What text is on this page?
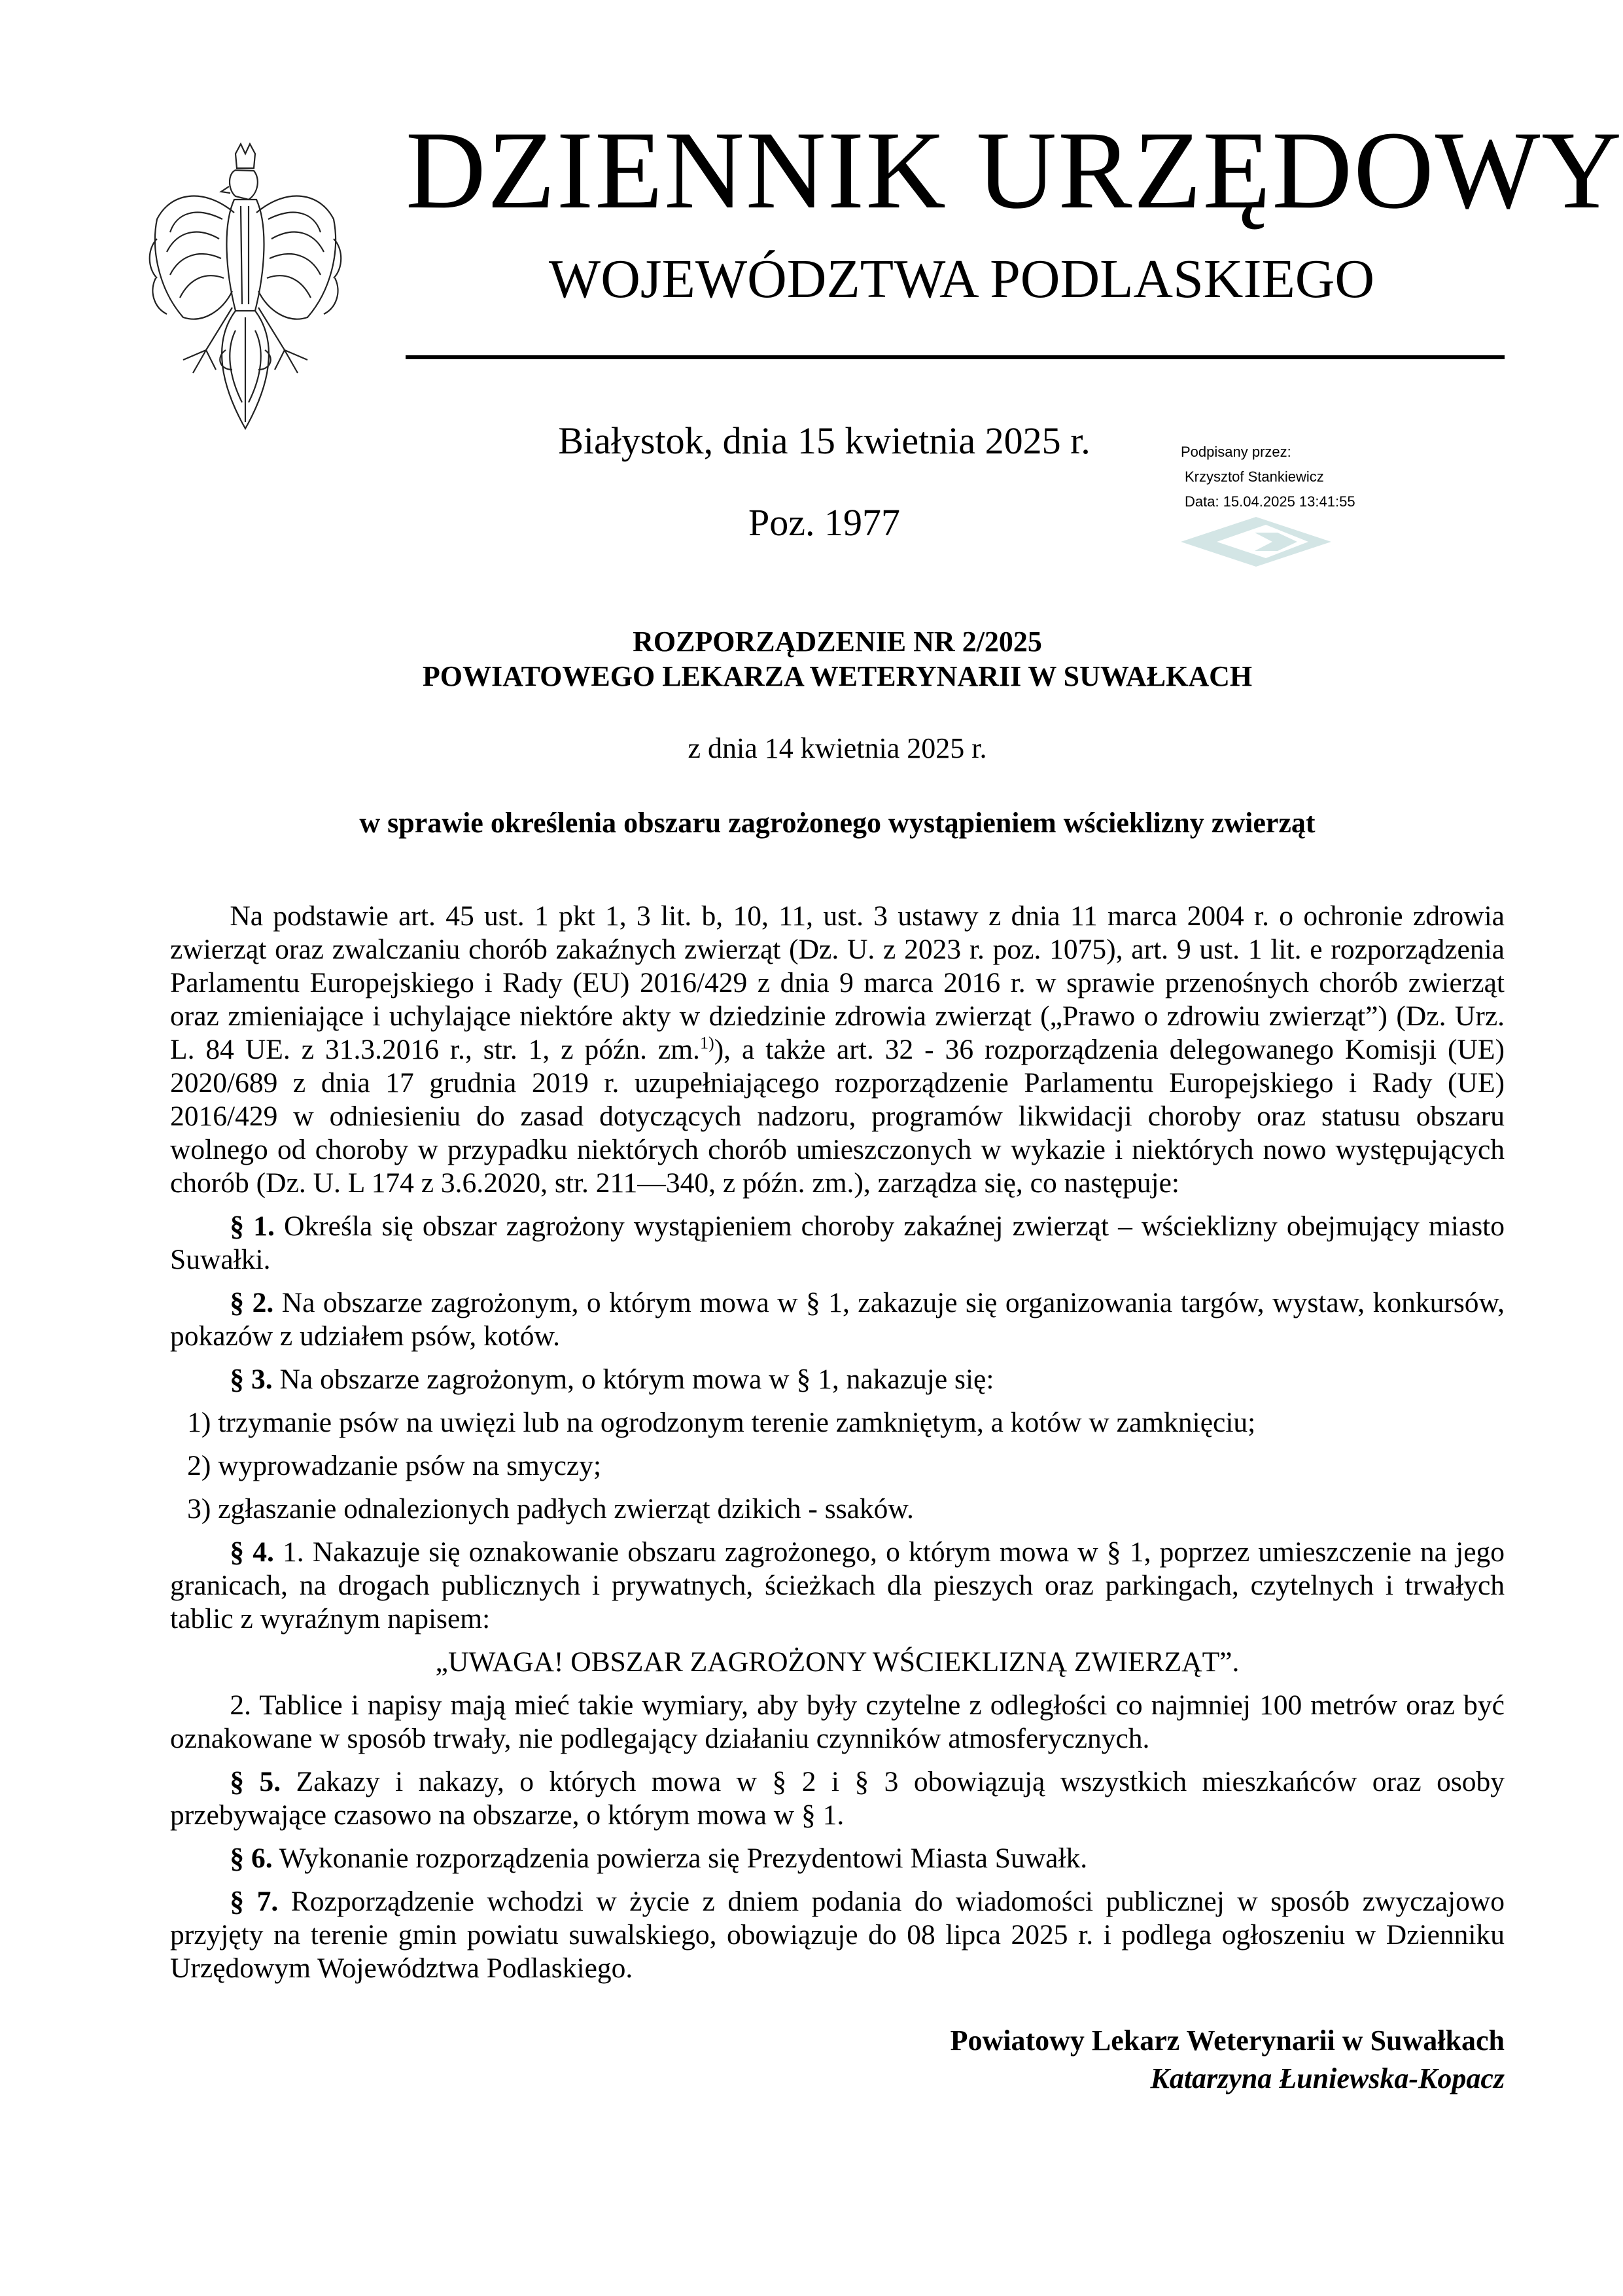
DZIENNIK URZĘDOWY
WOJEWÓDZTWA PODLASKIEGO
Białystok, dnia 15 kwietnia 2025 r.
Poz. 1977
Podpisany przez:
Krzysztof Stankiewicz
Data: 15.04.2025 13:41:55
ROZPORZĄDZENIE NR 2/2025
POWIATOWEGO LEKARZA WETERYNARII W SUWAŁKACH
z dnia 14 kwietnia 2025 r.
w sprawie określenia obszaru zagrożonego wystąpieniem wścieklizny zwierząt

Na podstawie art. 45 ust. 1 pkt 1, 3 lit. b, 10, 11, ust. 3 ustawy z dnia 11 marca 2004 r. o ochronie zdrowia zwierząt oraz zwalczaniu chorób zakaźnych zwierząt (Dz. U. z 2023 r. poz. 1075), art. 9 ust. 1 lit. e rozporządzenia Parlamentu Europejskiego i Rady (EU) 2016/429 z dnia 9 marca 2016 r. w sprawie przenośnych chorób zwierząt oraz zmieniające i uchylające niektóre akty w dziedzinie zdrowia zwierząt („Prawo o zdrowiu zwierząt”) (Dz. Urz. L. 84 UE. z 31.3.2016 r., str. 1, z późn. zm.$^{1)}$), a także art. 32 - 36 rozporządzenia delegowanego Komisji (UE) 2020/689 z dnia 17 grudnia 2019 r. uzupełniającego rozporządzenie Parlamentu Europejskiego i Rady (UE) 2016/429 w odniesieniu do zasad dotyczących nadzoru, programów likwidacji choroby oraz statusu obszaru wolnego od choroby w przypadku niektórych chorób umieszczonych w wykazie i niektórych nowo występujących chorób (Dz. U. L 174 z 3.6.2020, str. 211—340, z późn. zm.), zarządza się, co następuje:

§ 1. Określa się obszar zagrożony wystąpieniem choroby zakaźnej zwierząt – wścieklizny obejmujący miasto Suwałki.

§ 2. Na obszarze zagrożonym, o którym mowa w § 1, zakazuje się organizowania targów, wystaw, konkursów, pokazów z udziałem psów, kotów.

§ 3. Na obszarze zagrożonym, o którym mowa w § 1, nakazuje się:

1) trzymanie psów na uwięzi lub na ogrodzonym terenie zamkniętym, a kotów w zamknięciu;

2) wyprowadzanie psów na smyczy;

3) zgłaszanie odnalezionych padłych zwierząt dzikich - ssaków.

§ 4. 1. Nakazuje się oznakowanie obszaru zagrożonego, o którym mowa w § 1, poprzez umieszczenie na jego granicach, na drogach publicznych i prywatnych, ścieżkach dla pieszych oraz parkingach, czytelnych i trwałych tablic z wyraźnym napisem:

„UWAGA! OBSZAR ZAGROŻONY WŚCIEKLIZNĄ ZWIERZĄT”.

2. Tablice i napisy mają mieć takie wymiary, aby były czytelne z odległości co najmniej 100 metrów oraz być oznakowane w sposób trwały, nie podlegający działaniu czynników atmosferycznych.

§ 5. Zakazy i nakazy, o których mowa w § 2 i § 3 obowiązują wszystkich mieszkańców oraz osoby przebywające czasowo na obszarze, o którym mowa w § 1.

§ 6. Wykonanie rozporządzenia powierza się Prezydentowi Miasta Suwałk.

§ 7. Rozporządzenie wchodzi w życie z dniem podania do wiadomości publicznej w sposób zwyczajowo przyjęty na terenie gmin powiatu suwalskiego, obowiązuje do 08 lipca 2025 r. i podlega ogłoszeniu w Dzienniku Urzędowym Województwa Podlaskiego.

Powiatowy Lekarz Weterynarii w Suwałkach
Katarzyna Łuniewska-Kopacz
